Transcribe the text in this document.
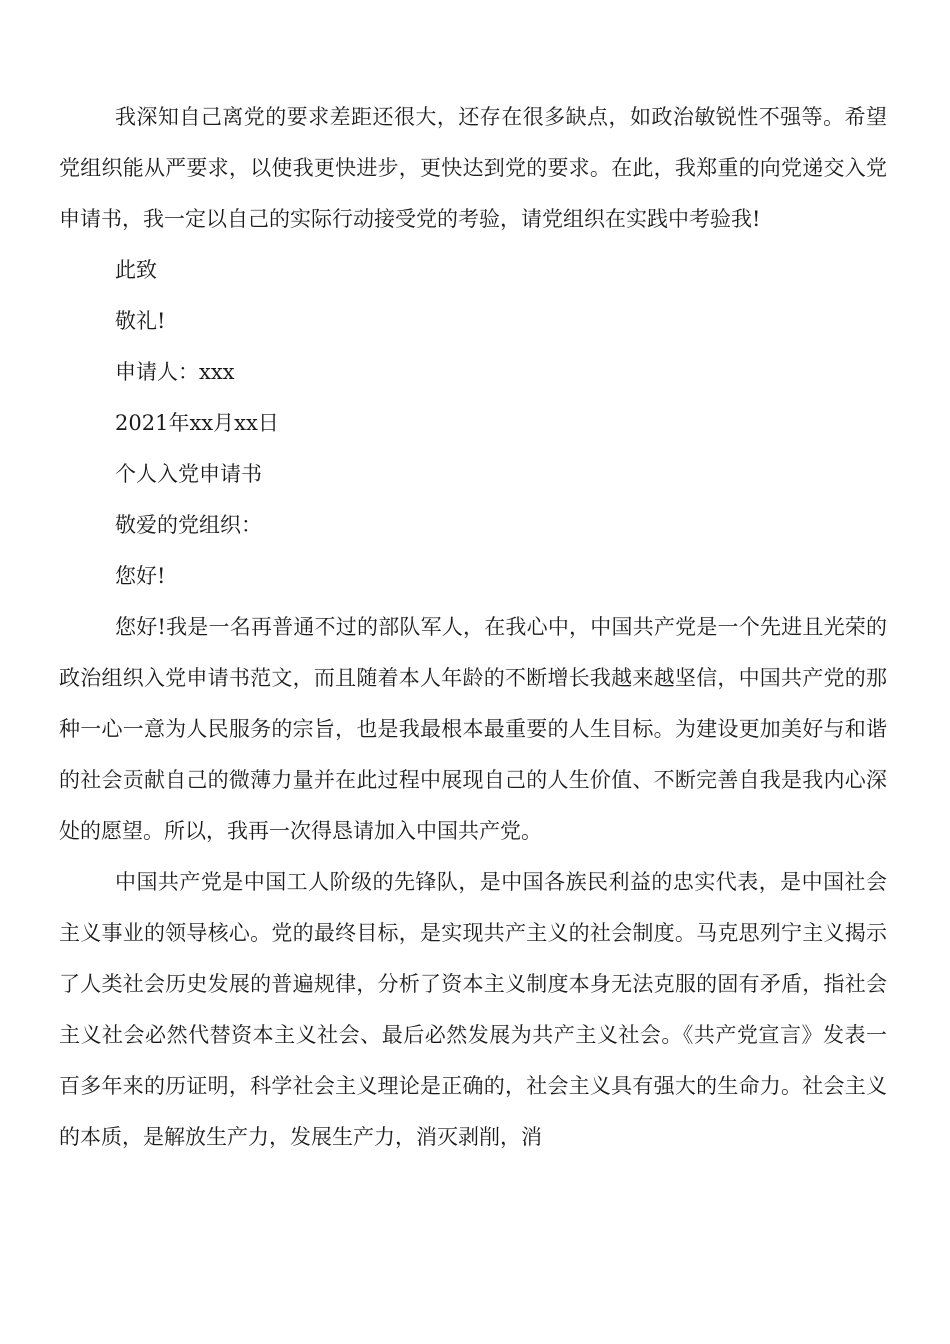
我深知自己离党的要求差距还很大，还存在很多缺点，如政治敏锐性不强等。希望党组织能从严要求，以使我更快进步，更快达到党的要求。在此，我郑重的向党递交入党申请书，我一定以自己的实际行动接受党的考验，请党组织在实践中考验我!

此致

敬礼!

申请人：xxx

2021年xx月xx日

个人入党申请书

敬爱的党组织：

您好!

您好!我是一名再普通不过的部队军人，在我心中，中国共产党是一个先进且光荣的政治组织入党申请书范文，而且随着本人年龄的不断增长我越来越坚信，中国共产党的那种一心一意为人民服务的宗旨，也是我最根本最重要的人生目标。为建设更加美好与和谐的社会贡献自己的微薄力量并在此过程中展现自己的人生价值、不断完善自我是我内心深处的愿望。所以，我再一次得恳请加入中国共产党。

中国共产党是中国工人阶级的先锋队，是中国各族民利益的忠实代表，是中国社会主义事业的领导核心。党的最终目标，是实现共产主义的社会制度。马克思列宁主义揭示了人类社会历史发展的普遍规律，分析了资本主义制度本身无法克服的固有矛盾，指社会主义社会必然代替资本主义社会、最后必然发展为共产主义社会。《共产党宣言》发表一百多年来的历证明，科学社会主义理论是正确的，社会主义具有强大的生命力。社会主义的本质，是解放生产力，发展生产力，消灭剥削，消
